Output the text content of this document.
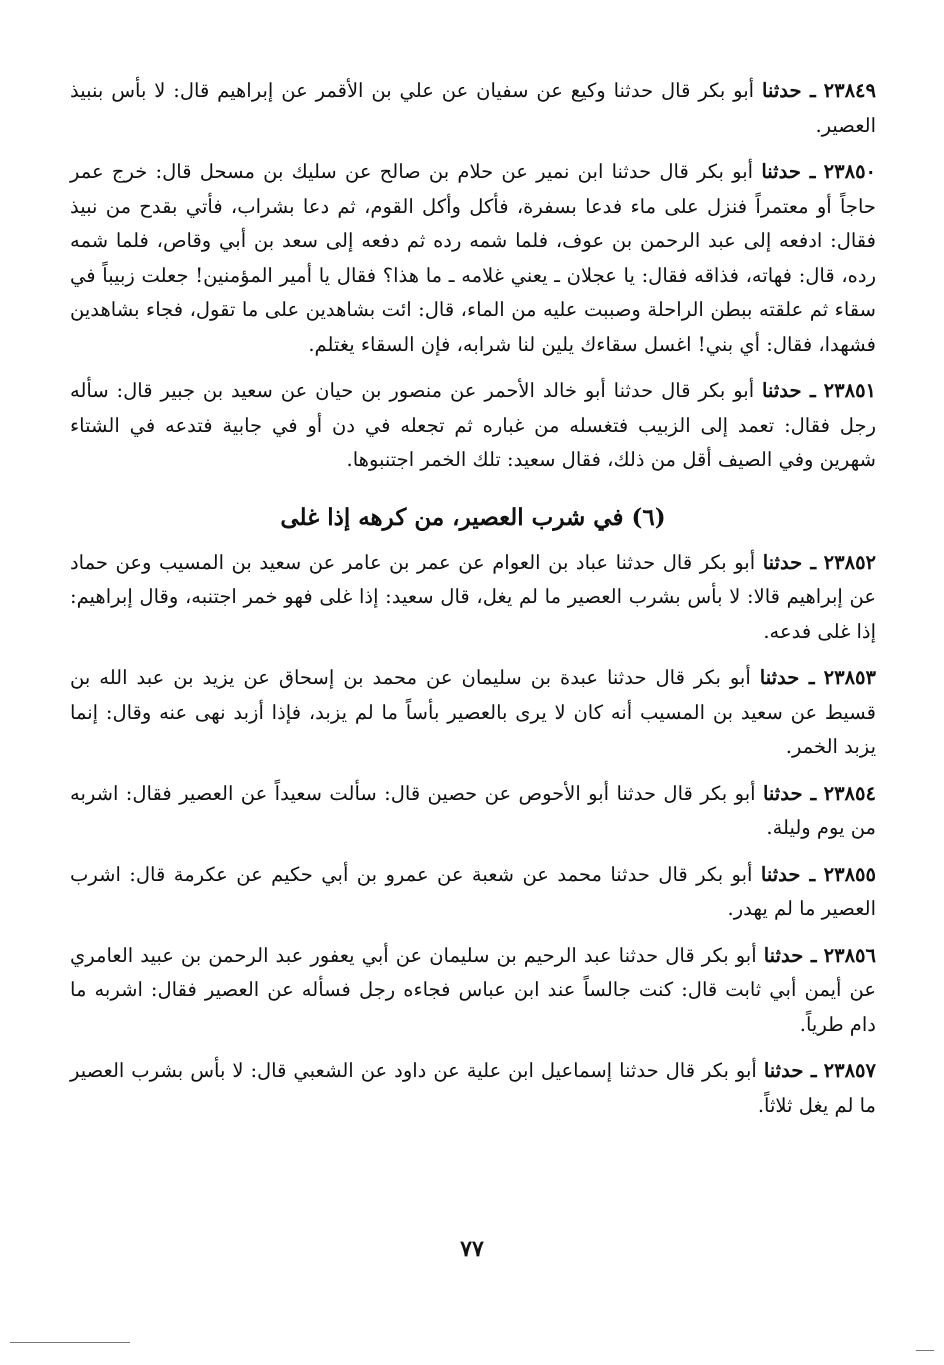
٢٣٨٤٩ ـ حدثنا أبو بكر قال حدثنا وكيع عن سفيان عن علي بن الأقمر عن إبراهيم قال: لا بأس بنبيذ العصير.

٢٣٨٥٠ ـ حدثنا أبو بكر قال حدثنا ابن نمير عن حلام بن صالح عن سليك بن مسحل قال: خرج عمر حاجاً أو معتمراً فنزل على ماء فدعا بسفرة، فأكل وأكل القوم، ثم دعا بشراب، فأتي بقدح من نبيذ فقال: ادفعه إلى عبد الرحمن بن عوف، فلما شمه رده ثم دفعه إلى سعد بن أبي وقاص، فلما شمه رده، قال: فهاته، فذاقه فقال: يا عجلان ـ يعني غلامه ـ ما هذا؟ فقال يا أمير المؤمنين! جعلت زبيباً في سقاء ثم علقته ببطن الراحلة وصببت عليه من الماء، قال: ائت بشاهدين على ما تقول، فجاء بشاهدين فشهدا، فقال: أي بني! اغسل سقاءك يلين لنا شرابه، فإن السقاء يغتلم.

٢٣٨٥١ ـ حدثنا أبو بكر قال حدثنا أبو خالد الأحمر عن منصور بن حيان عن سعيد بن جبير قال: سأله رجل فقال: تعمد إلى الزبيب فتغسله من غباره ثم تجعله في دن أو في جابية فتدعه في الشتاء شهرين وفي الصيف أقل من ذلك، فقال سعيد: تلك الخمر اجتنبوها.

(٦) في شرب العصير، من كرهه إذا غلى

٢٣٨٥٢ ـ حدثنا أبو بكر قال حدثنا عباد بن العوام عن عمر بن عامر عن سعيد بن المسيب وعن حماد عن إبراهيم قالا: لا بأس بشرب العصير ما لم يغل، قال سعيد: إذا غلى فهو خمر اجتنبه، وقال إبراهيم: إذا غلى فدعه.

٢٣٨٥٣ ـ حدثنا أبو بكر قال حدثنا عبدة بن سليمان عن محمد بن إسحاق عن يزيد بن عبد الله بن قسيط عن سعيد بن المسيب أنه كان لا يرى بالعصير بأساً ما لم يزبد، فإذا أزبد نهى عنه وقال: إنما يزبد الخمر.

٢٣٨٥٤ ـ حدثنا أبو بكر قال حدثنا أبو الأحوص عن حصين قال: سألت سعيداً عن العصير فقال: اشربه من يوم وليلة.

٢٣٨٥٥ ـ حدثنا أبو بكر قال حدثنا محمد عن شعبة عن عمرو بن أبي حكيم عن عكرمة قال: اشرب العصير ما لم يهدر.

٢٣٨٥٦ ـ حدثنا أبو بكر قال حدثنا عبد الرحيم بن سليمان عن أبي يعفور عبد الرحمن بن عبيد العامري عن أيمن أبي ثابت قال: كنت جالساً عند ابن عباس فجاءه رجل فسأله عن العصير فقال: اشربه ما دام طرياً.

٢٣٨٥٧ ـ حدثنا أبو بكر قال حدثنا إسماعيل ابن علية عن داود عن الشعبي قال: لا بأس بشرب العصير ما لم يغل ثلاثاً.

٧٧
